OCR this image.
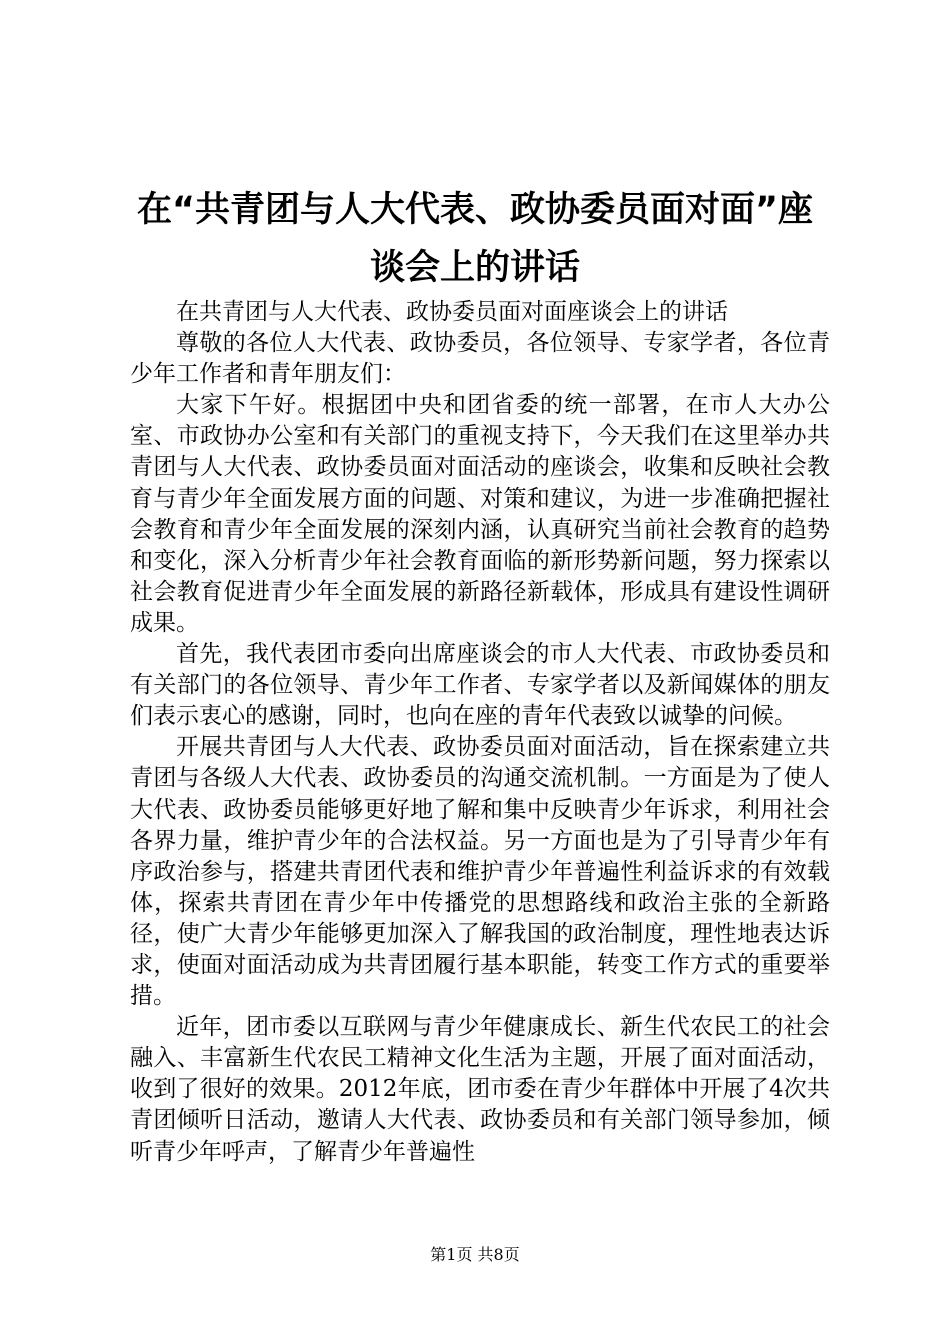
在“共青团与人大代表、政协委员面对面”座
谈会上的讲话

在共青团与人大代表、政协委员面对面座谈会上的讲话

尊敬的各位人大代表、政协委员，各位领导、专家学者，各位青少年工作者和青年朋友们：

大家下午好。根据团中央和团省委的统一部署，在市人大办公室、市政协办公室和有关部门的重视支持下，今天我们在这里举办共青团与人大代表、政协委员面对面活动的座谈会，收集和反映社会教育与青少年全面发展方面的问题、对策和建议，为进一步准确把握社会教育和青少年全面发展的深刻内涵，认真研究当前社会教育的趋势和变化，深入分析青少年社会教育面临的新形势新问题，努力探索以社会教育促进青少年全面发展的新路径新载体，形成具有建设性调研成果。

首先，我代表团市委向出席座谈会的市人大代表、市政协委员和有关部门的各位领导、青少年工作者、专家学者以及新闻媒体的朋友们表示衷心的感谢，同时，也向在座的青年代表致以诚挚的问候。

开展共青团与人大代表、政协委员面对面活动，旨在探索建立共青团与各级人大代表、政协委员的沟通交流机制。一方面是为了使人大代表、政协委员能够更好地了解和集中反映青少年诉求，利用社会各界力量，维护青少年的合法权益。另一方面也是为了引导青少年有序政治参与，搭建共青团代表和维护青少年普遍性利益诉求的有效载体，探索共青团在青少年中传播党的思想路线和政治主张的全新路径，使广大青少年能够更加深入了解我国的政治制度，理性地表达诉求，使面对面活动成为共青团履行基本职能，转变工作方式的重要举措。

近年，团市委以互联网与青少年健康成长、新生代农民工的社会融入、丰富新生代农民工精神文化生活为主题，开展了面对面活动，收到了很好的效果。2012年底，团市委在青少年群体中开展了4次共青团倾听日活动，邀请人大代表、政协委员和有关部门领导参加，倾听青少年呼声，了解青少年普遍性

第1页 共8页
